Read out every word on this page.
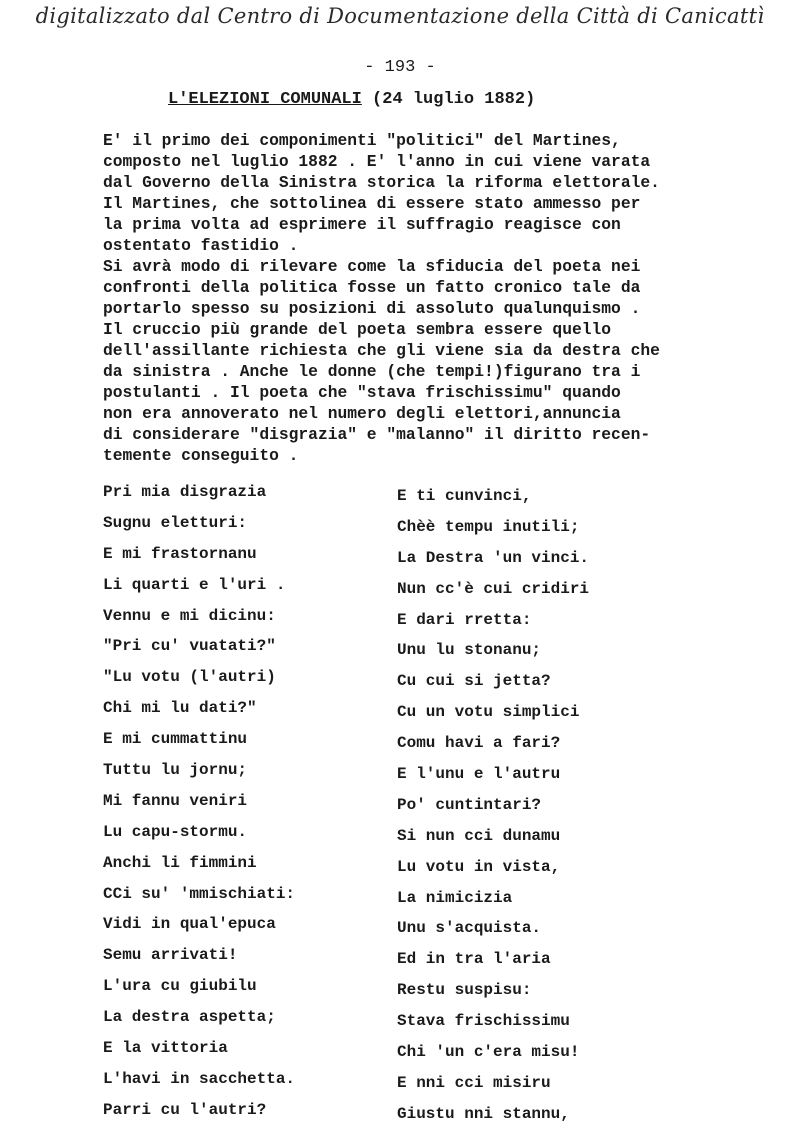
digitalizzato dal Centro di Documentazione della Città di Canicattì
- 193 -
L'ELEZIONI COMUNALI (24 luglio 1882)
E' il primo dei componimenti "politici" del Martines,
composto nel luglio 1882 . E' l'anno in cui viene varata
dal Governo della Sinistra storica la riforma elettorale.
Il Martines, che sottolinea di essere stato ammesso per
la prima volta ad esprimere il suffragio reagisce con
ostentato fastidio .
Si avrà modo di rilevare come la sfiducia del poeta nei
confronti della politica fosse un fatto cronico tale da
portarlo spesso su posizioni di assoluto qualunquismo .
Il cruccio più grande del poeta sembra essere quello
dell'assillante richiesta che gli viene sia da destra che
da sinistra . Anche le donne (che tempi!)figurano tra i
postulanti . Il poeta che "stava frischissimu" quando
non era annoverato nel numero degli elettori,annuncia
di considerare "disgrazia" e "malanno" il diritto recen-
temente conseguito .
Pri mia disgrazia
Sugnu eletturi:
E mi frastornanu
Li quarti e l'uri .
Vennu e mi dicinu:
"Pri cu' vuatati?"
"Lu votu (l'autri)
Chi mi lu dati?"
E mi cummattinu
Tuttu lu jornu;
Mi fannu veniri
Lu capu-stormu.
Anchi li fimmini
CCi su' 'mmischiati:
Vidi in qual'epuca
Semu arrivati!
L'ura cu giubilu
La destra aspetta;
E la vittoria
L'havi in sacchetta.
Parri cu l'autri?
E ti cunvinci,
Chèè tempu inutili;
La Destra 'un vinci.
Nun cc'è cui cridiri
E dari rretta:
Unu lu stonanu;
Cu cui si jetta?
Cu un votu simplici
Comu havi a fari?
E l'unu e l'autru
Po' cuntintari?
Si nun cci dunamu
Lu votu in vista,
La nimicizia
Unu s'acquista.
Ed in tra l'aria
Restu suspisu:
Stava frischissimu
Chi 'un c'era misu!
E nni cci misiru
Giustu nni stannu,
